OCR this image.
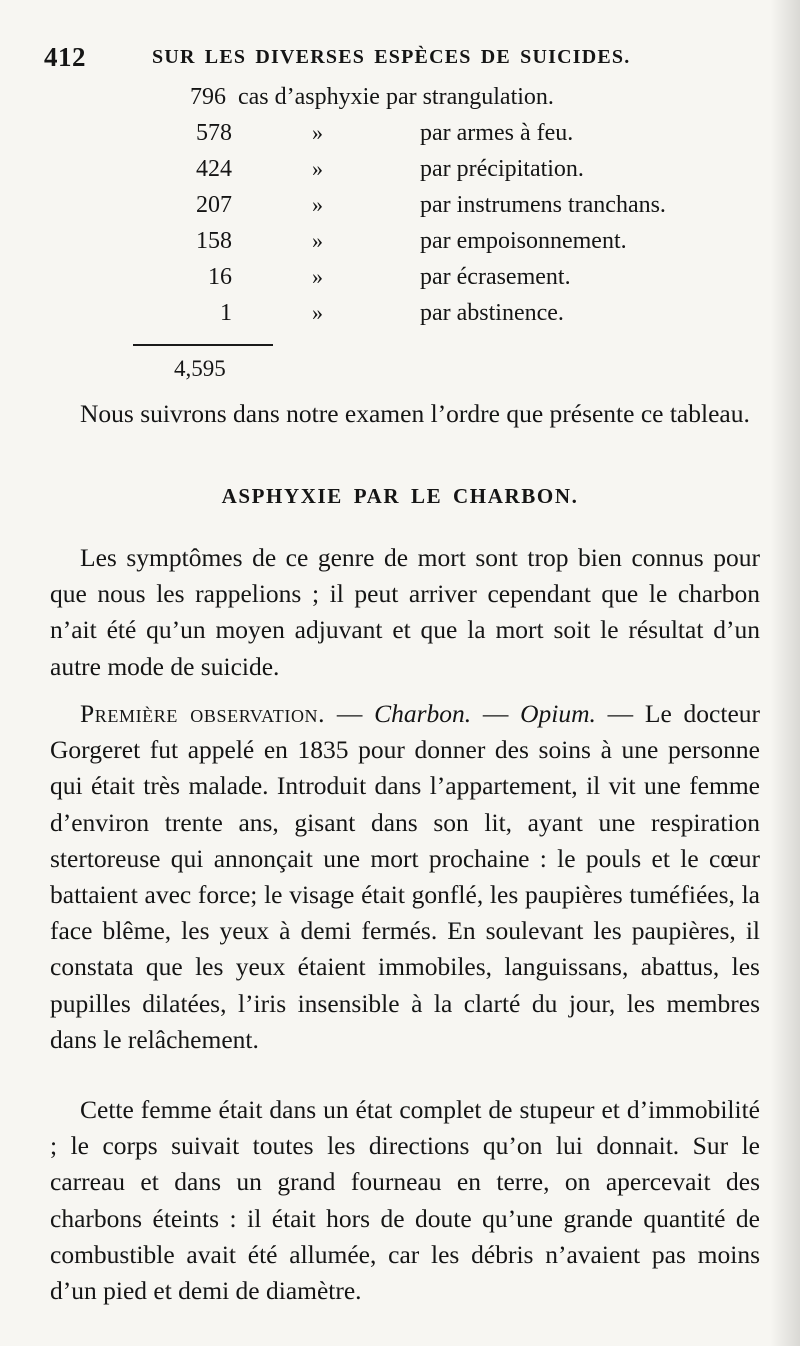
412	SUR LES DIVERSES ESPÈCES DE SUICIDES.
796 cas d’asphyxie par strangulation.
578	»	par armes à feu.
424	»	par précipitation.
207	»	par instrumens tranchans.
158	»	par empoisonnement.
16	»	par écrasement.
1	»	par abstinence.
4,595

Nous suivrons dans notre examen l’ordre que présente ce tableau.

ASPHYXIE PAR LE CHARBON.

Les symptômes de ce genre de mort sont trop bien connus pour que nous les rappelions ; il peut arriver cependant que le charbon n’ait été qu’un moyen adjuvant et que la mort soit le résultat d’un autre mode de suicide.

Première observation. — Charbon. — Opium. — Le docteur Gorgeret fut appelé en 1835 pour donner des soins à une personne qui était très malade. Introduit dans l’appartement, il vit une femme d’environ trente ans, gisant dans son lit, ayant une respiration stertoreuse qui annonçait une mort prochaine : le pouls et le cœur battaient avec force; le visage était gonflé, les paupières tuméfiées, la face blême, les yeux à demi fermés. En soulevant les paupières, il constata que les yeux étaient immobiles, languissans, abattus, les pupilles dilatées, l’iris insensible à la clarté du jour, les membres dans le relâchement.

Cette femme était dans un état complet de stupeur et d’immobilité ; le corps suivait toutes les directions qu’on lui donnait. Sur le carreau et dans un grand fourneau en terre, on apercevait des charbons éteints : il était hors de doute qu’une grande quantité de combustible avait été allumée, car les débris n’avaient pas moins d’un pied et demi de diamètre.
